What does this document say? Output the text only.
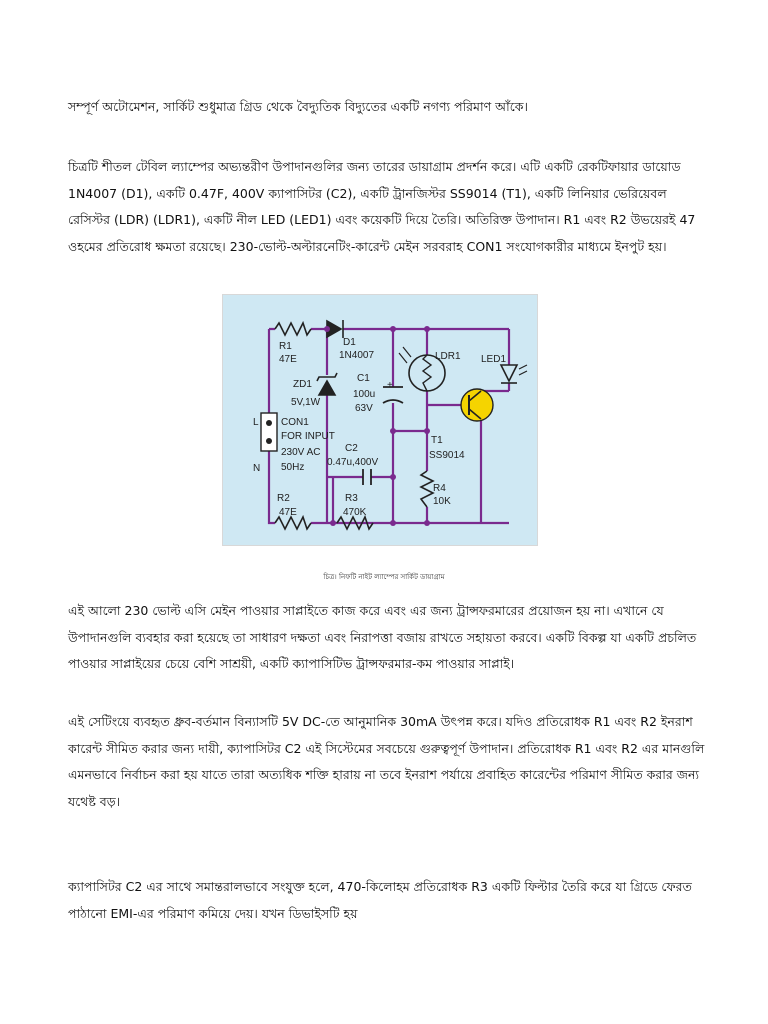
সম্পূর্ণ অটোমেশন, সার্কিট শুধুমাত্র গ্রিড থেকে বৈদ্যুতিক বিদ্যুতের একটি নগণ্য পরিমাণ আঁকে।

চিত্রটি শীতল টেবিল ল্যাম্পের অভ্যন্তরীণ উপাদানগুলির জন্য তারের ডায়াগ্রাম প্রদর্শন করে। এটি একটি রেকটিফায়ার ডায়োড 1N4007 (D1), একটি 0.47F, 400V ক্যাপাসিটর (C2), একটি ট্রানজিস্টর SS9014 (T1), একটি লিনিয়ার ভেরিয়েবল রেসিস্টর (LDR) (LDR1), একটি নীল LED (LED1) এবং কয়েকটি দিয়ে তৈরি। অতিরিক্ত উপাদান। R1 এবং R2 উভয়েরই 47 ওহমের প্রতিরোধ ক্ষমতা রয়েছে। 230-ভোল্ট-অল্টারনেটিং-কারেন্ট মেইন সরবরাহ CON1 সংযোগকারীর মাধ্যমে ইনপুট হয়।

R1
47E
D1
1N4007	LDR1 LED1
ZD1
5V,1W
C1
100u
63V
+
L
N
CON1
FOR INPUT
230V AC
50Hz
C2
0.47u,400V
T1
SS9014
R2
47E
R3
470K
R4
10K
চিত্র। নিফটি নাইট ল্যাম্পের সার্কিট ডায়াগ্রাম

এই আলো 230 ভোল্ট এসি মেইন পাওয়ার সাপ্লাইতে কাজ করে এবং এর জন্য ট্রান্সফরমারের প্রয়োজন হয় না। এখানে যে উপাদানগুলি ব্যবহার করা হয়েছে তা সাধারণ দক্ষতা এবং নিরাপত্তা বজায় রাখতে সহায়তা করবে। একটি বিকল্প যা একটি প্রচলিত পাওয়ার সাপ্লাইয়ের চেয়ে বেশি সাশ্রয়ী, একটি ক্যাপাসিটিভ ট্রান্সফরমার-কম পাওয়ার সাপ্লাই।

এই সেটিংয়ে ব্যবহৃত ধ্রুব-বর্তমান বিন্যাসটি 5V DC-তে আনুমানিক 30mA উৎপন্ন করে। যদিও প্রতিরোধক R1 এবং R2 ইনরাশ কারেন্ট সীমিত করার জন্য দায়ী, ক্যাপাসিটর C2 এই সিস্টেমের সবচেয়ে গুরুত্বপূর্ণ উপাদান। প্রতিরোধক R1 এবং R2 এর মানগুলি এমনভাবে নির্বাচন করা হয় যাতে তারা অত্যধিক শক্তি হারায় না তবে ইনরাশ পর্যায়ে প্রবাহিত কারেন্টের পরিমাণ সীমিত করার জন্য যথেষ্ট বড়।

ক্যাপাসিটর C2 এর সাথে সমান্তরালভাবে সংযুক্ত হলে, 470-কিলোহম প্রতিরোধক R3 একটি ফিল্টার তৈরি করে যা গ্রিডে ফেরত পাঠানো EMI-এর পরিমাণ কমিয়ে দেয়। যখন ডিভাইসটি হয়
